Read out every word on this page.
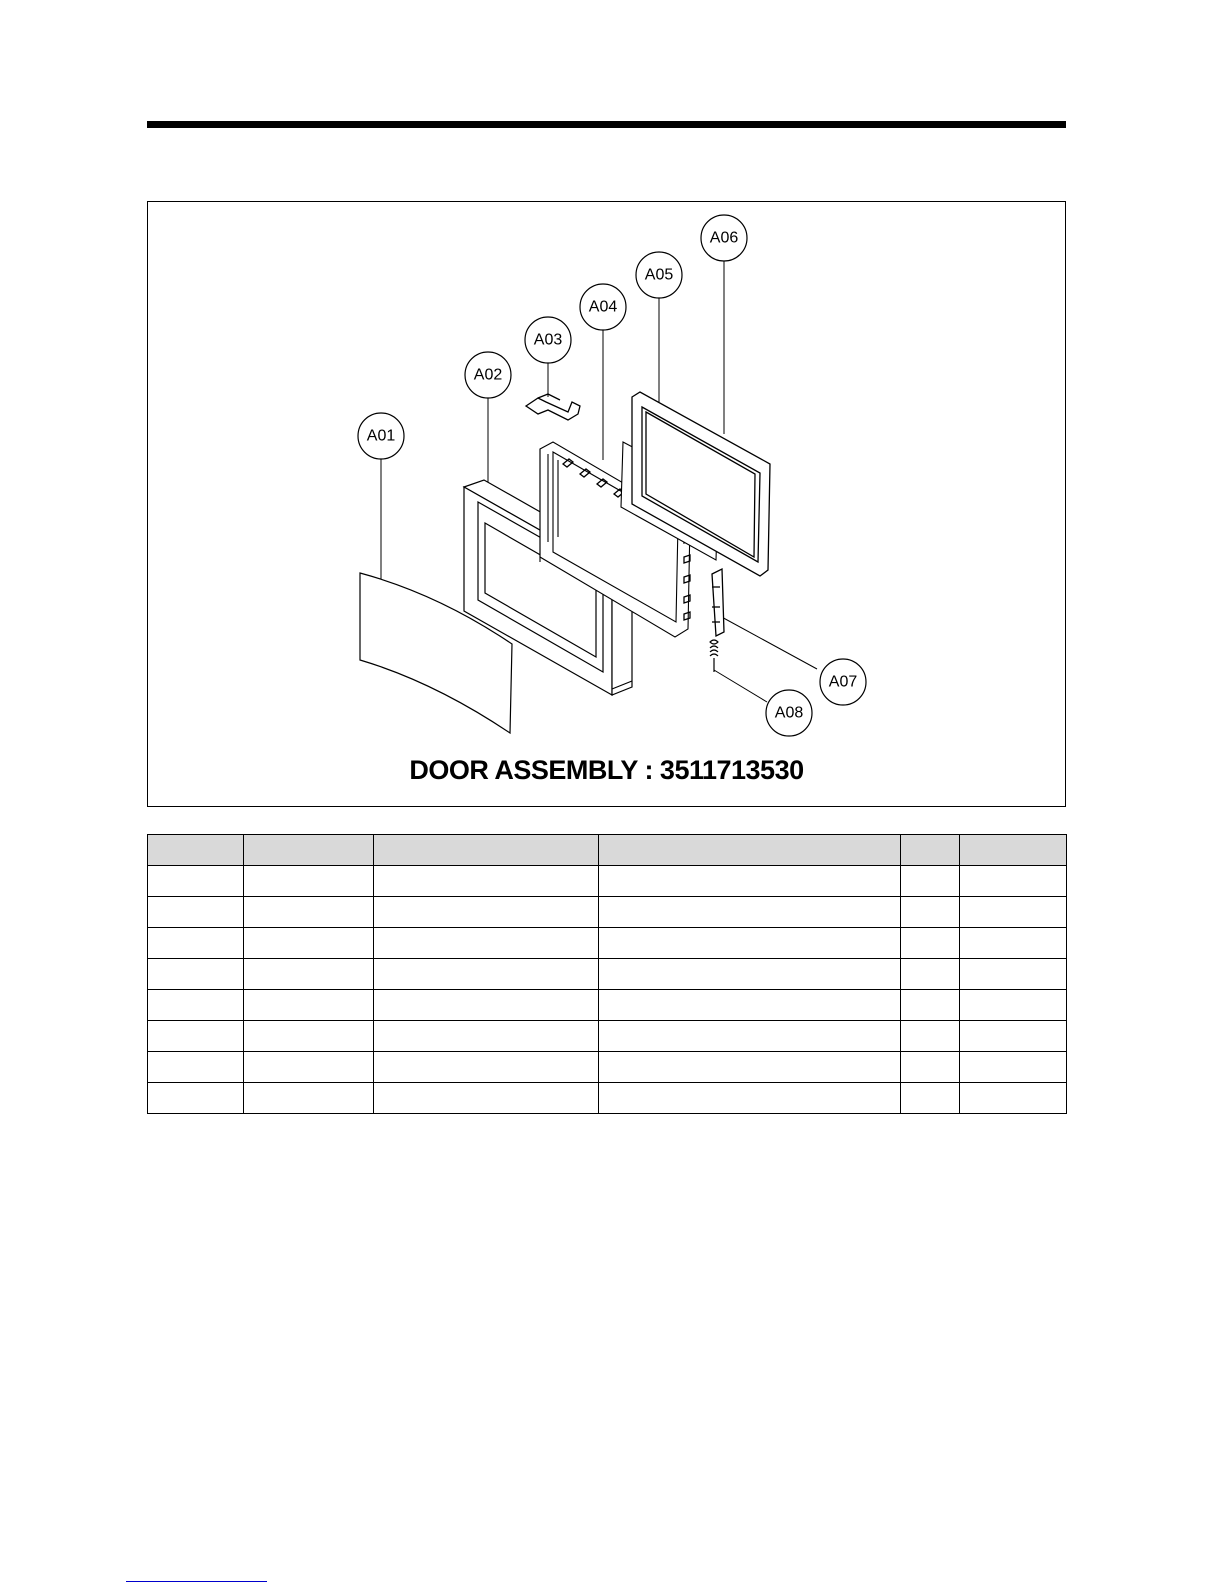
A01
A02
A03
A04
A05
A06
A07
A08
DOOR ASSEMBLY : 3511713530
